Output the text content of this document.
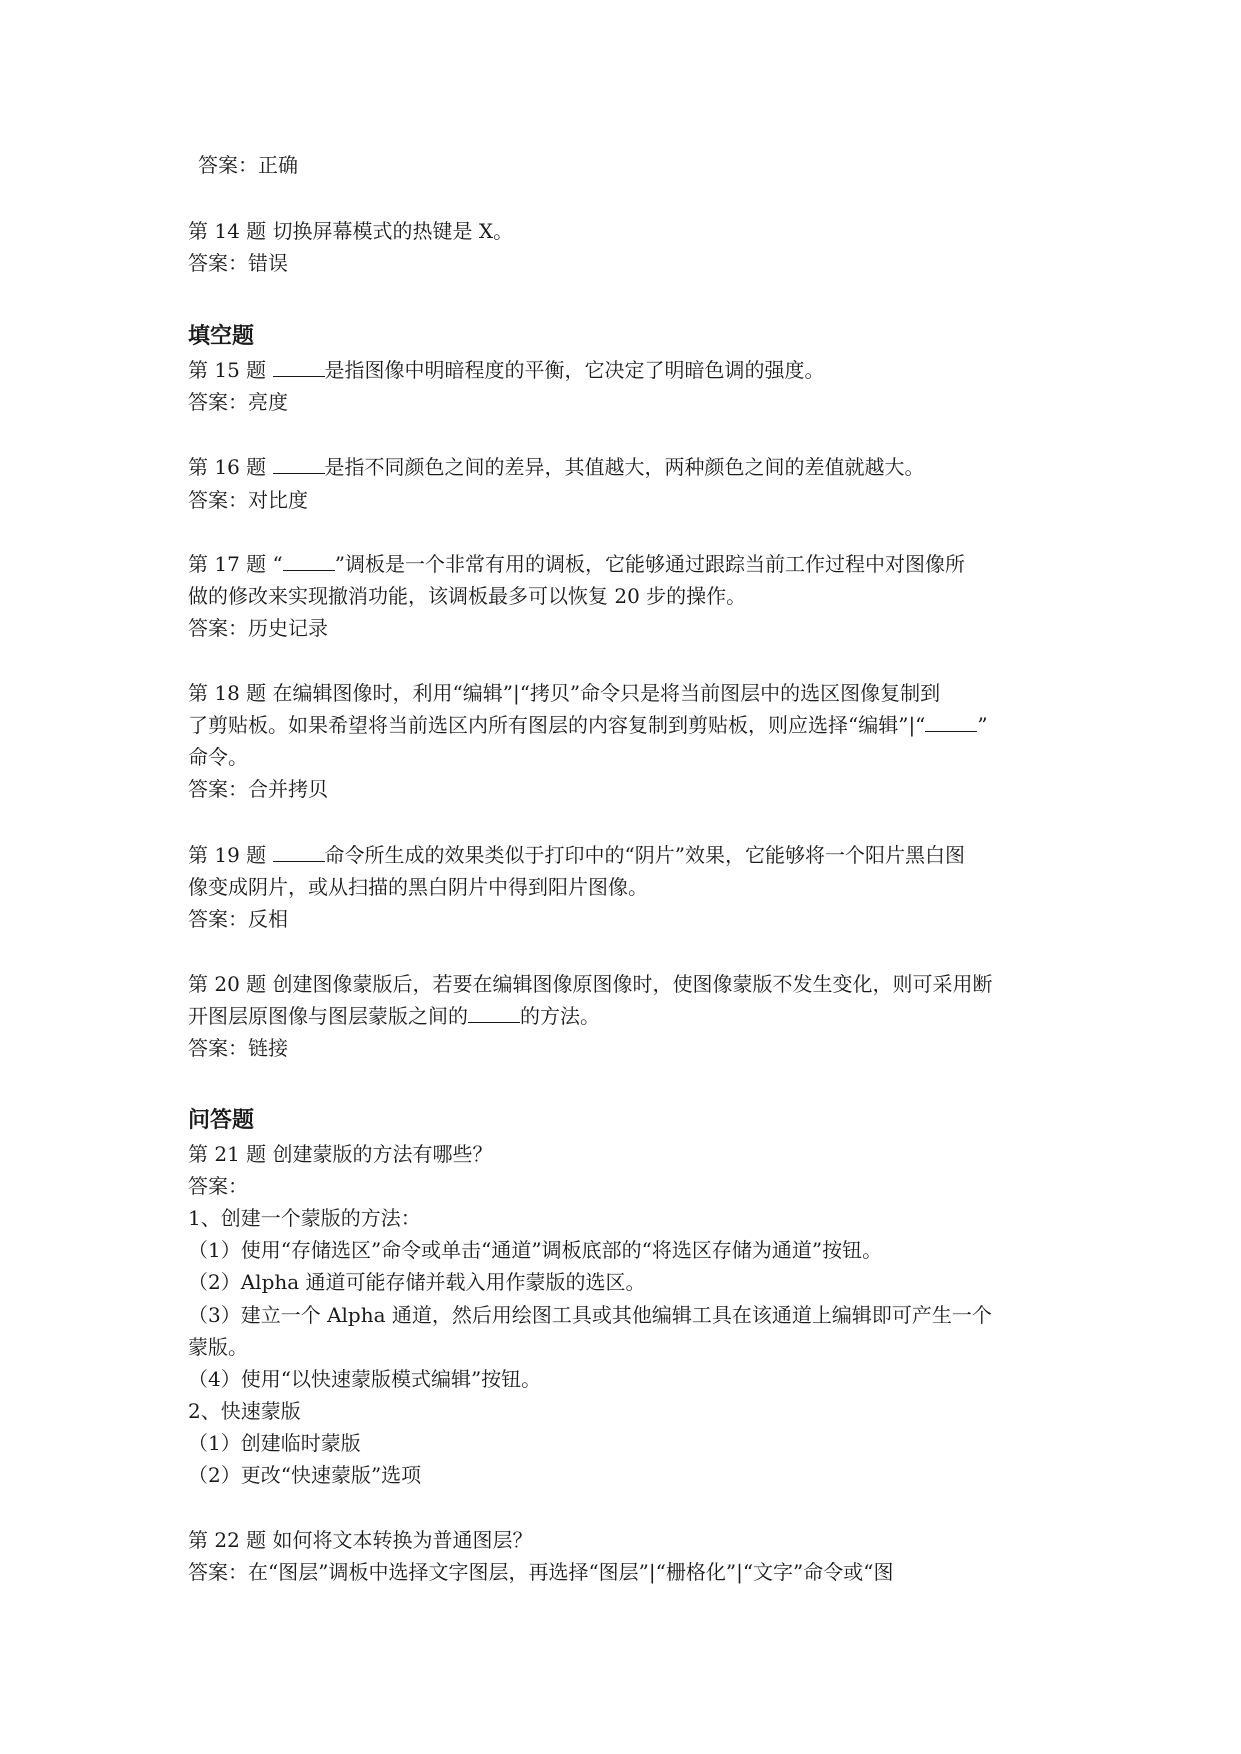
答案：正确
第 14 题 切换屏幕模式的热键是 X。
答案：错误
填空题
第 15 题	是指图像中明暗程度的平衡，它决定了明暗色调的强度。
答案：亮度
第 16 题	是指不同颜色之间的差异，其值越大，两种颜色之间的差值就越大。
答案：对比度
第 17 题 “	”调板是一个非常有用的调板，它能够通过跟踪当前工作过程中对图像所
做的修改来实现撤消功能，该调板最多可以恢复 20 步的操作。
答案：历史记录
第 18 题 在编辑图像时，利用“编辑”|“拷贝”命令只是将当前图层中的选区图像复制到
了剪贴板。如果希望将当前选区内所有图层的内容复制到剪贴板，则应选择“编辑”|“	”
命令。
答案：合并拷贝
第 19 题	命令所生成的效果类似于打印中的“阴片”效果，它能够将一个阳片黑白图
像变成阴片，或从扫描的黑白阴片中得到阳片图像。
答案：反相
第 20 题 创建图像蒙版后，若要在编辑图像原图像时，使图像蒙版不发生变化，则可采用断
开图层原图像与图层蒙版之间的	的方法。
答案：链接
问答题
第 21 题 创建蒙版的方法有哪些？
答案：
1、创建一个蒙版的方法：
（1）使用“存储选区”命令或单击“通道”调板底部的“将选区存储为通道”按钮。
（2）Alpha 通道可能存储并载入用作蒙版的选区。
（3）建立一个 Alpha 通道，然后用绘图工具或其他编辑工具在该通道上编辑即可产生一个
蒙版。
（4）使用“以快速蒙版模式编辑”按钮。
2、快速蒙版
（1）创建临时蒙版
（2）更改“快速蒙版”选项
第 22 题 如何将文本转换为普通图层？
答案：在“图层”调板中选择文字图层，再选择“图层”|“栅格化”|“文字”命令或“图
